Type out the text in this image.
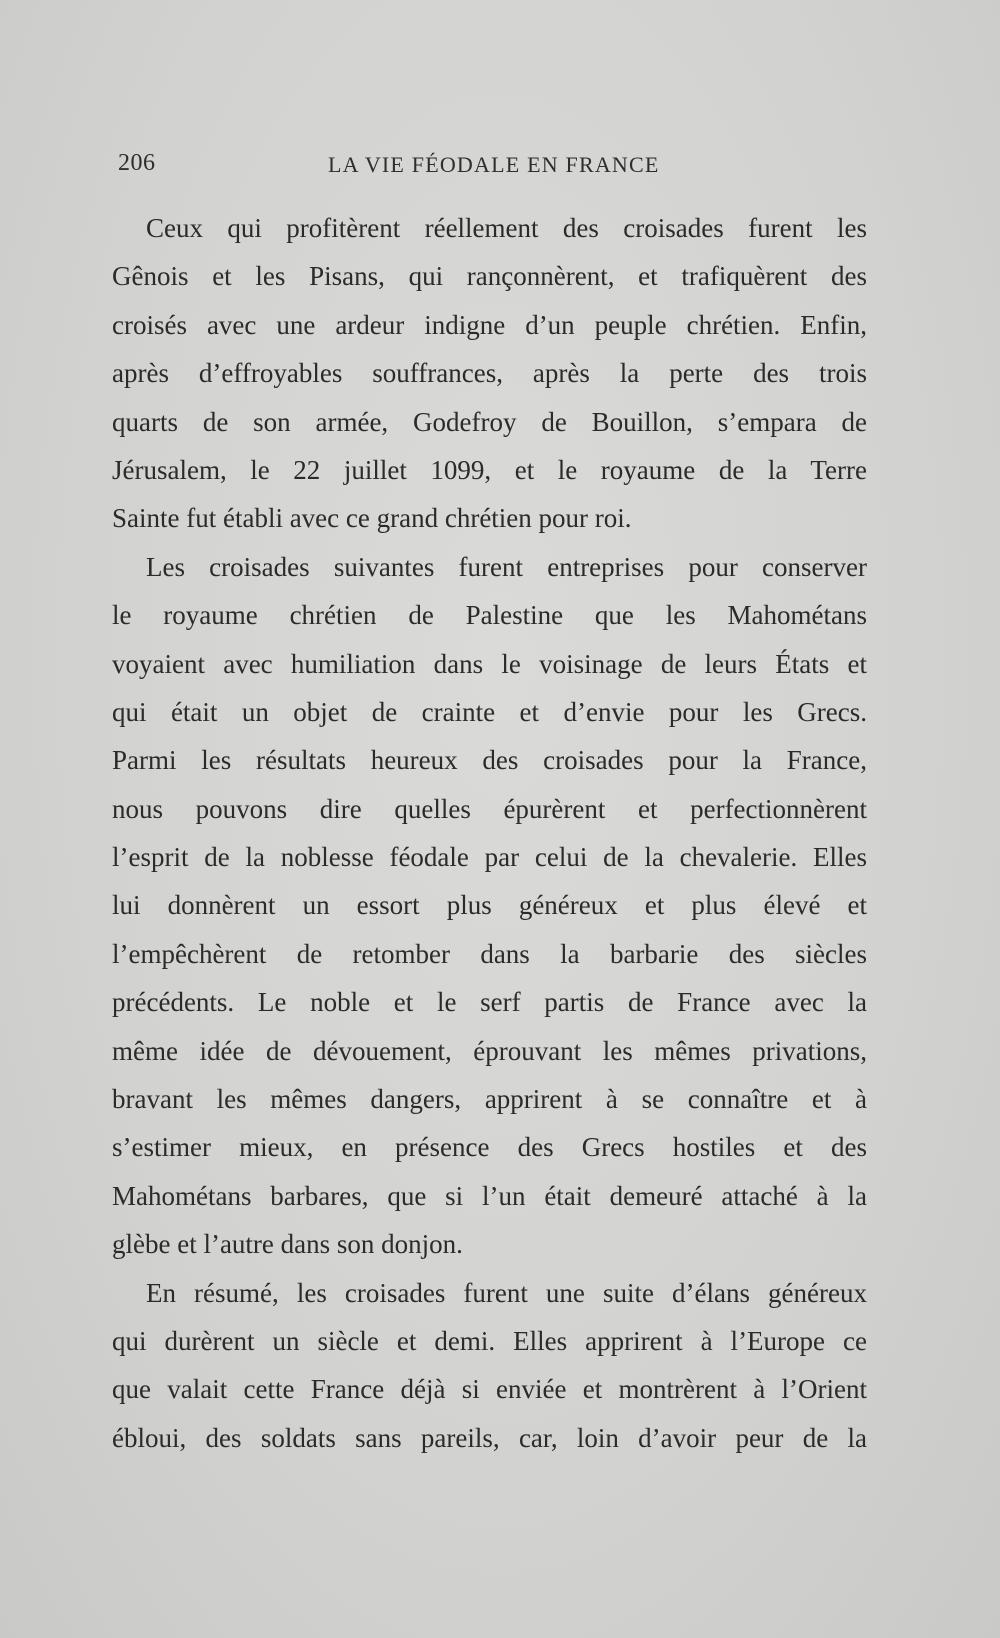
206	LA VIE FÉODALE EN FRANCE
Ceux qui profitèrent réellement des croisades furent les
Gênois et les Pisans, qui rançonnèrent, et trafiquèrent des
croisés avec une ardeur indigne d’un peuple chrétien. Enfin,
après d’effroyables souffrances, après la perte des trois
quarts de son armée, Godefroy de Bouillon, s’empara de
Jérusalem, le 22 juillet 1099, et le royaume de la Terre
Sainte fut établi avec ce grand chrétien pour roi.
Les croisades suivantes furent entreprises pour conserver
le royaume chrétien de Palestine que les Mahométans
voyaient avec humiliation dans le voisinage de leurs États et
qui était un objet de crainte et d’envie pour les Grecs.
Parmi les résultats heureux des croisades pour la France,
nous pouvons dire quelles épurèrent et perfectionnèrent
l’esprit de la noblesse féodale par celui de la chevalerie. Elles
lui donnèrent un essort plus généreux et plus élevé et
l’empêchèrent de retomber dans la barbarie des siècles
précédents. Le noble et le serf partis de France avec la
même idée de dévouement, éprouvant les mêmes privations,
bravant les mêmes dangers, apprirent à se connaître et à
s’estimer mieux, en présence des Grecs hostiles et des
Mahométans barbares, que si l’un était demeuré attaché à la
glèbe et l’autre dans son donjon.
En résumé, les croisades furent une suite d’élans généreux
qui durèrent un siècle et demi. Elles apprirent à l’Europe ce
que valait cette France déjà si enviée et montrèrent à l’Orient
ébloui, des soldats sans pareils, car, loin d’avoir peur de la
